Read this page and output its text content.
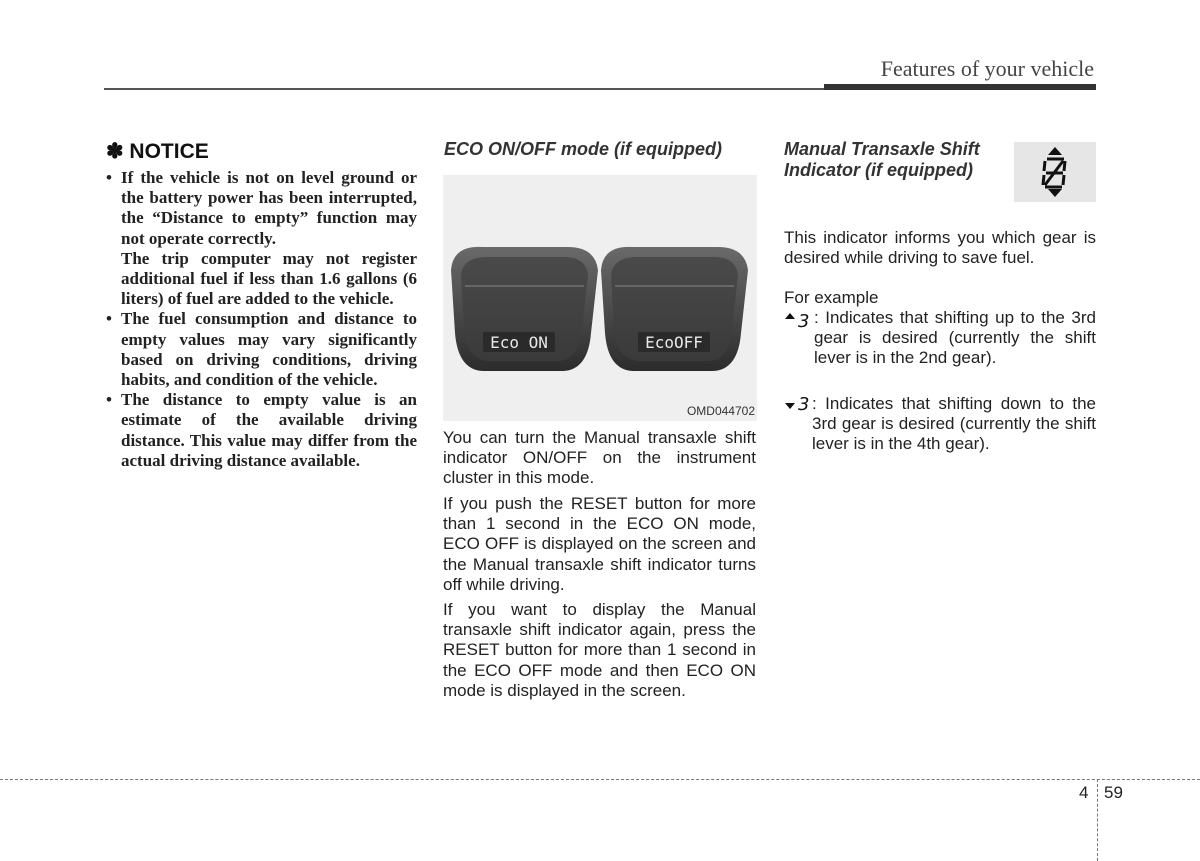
Features of your vehicle
✽ NOTICE

• If the vehicle is not on level ground or the battery power has been interrupted, the “Distance to empty” function may not operate correctly.

The trip computer may not register additional fuel if less than 1.6 gallons (6 liters) of fuel are added to the vehicle.

• The fuel consumption and distance to empty values may vary significantly based on driving conditions, driving habits, and condition of the vehicle.

• The distance to empty value is an estimate of the available driving distance. This value may differ from the actual driving distance available.

ECO ON/OFF mode (if equipped)
Eco ON	EcoOFF
OMD044702

You can turn the Manual transaxle shift indicator ON/OFF on the instrument cluster in this mode.

If you push the RESET button for more than 1 second in the ECO ON mode, ECO OFF is displayed on the screen and the Manual transaxle shift indicator turns off while driving.

If you want to display the Manual transaxle shift indicator again, press the RESET button for more than 1 second in the ECO OFF mode and then ECO ON mode is displayed in the screen.

Manual Transaxle Shift
Indicator (if equipped)

This indicator informs you which gear is desired while driving to save fuel.

For example
3 : Indicates that shifting up to the 3rd gear is desired (currently the shift lever is in the 2nd gear).
3 : Indicates that shifting down to the 3rd gear is desired (currently the shift lever is in the 4th gear).
4 59
